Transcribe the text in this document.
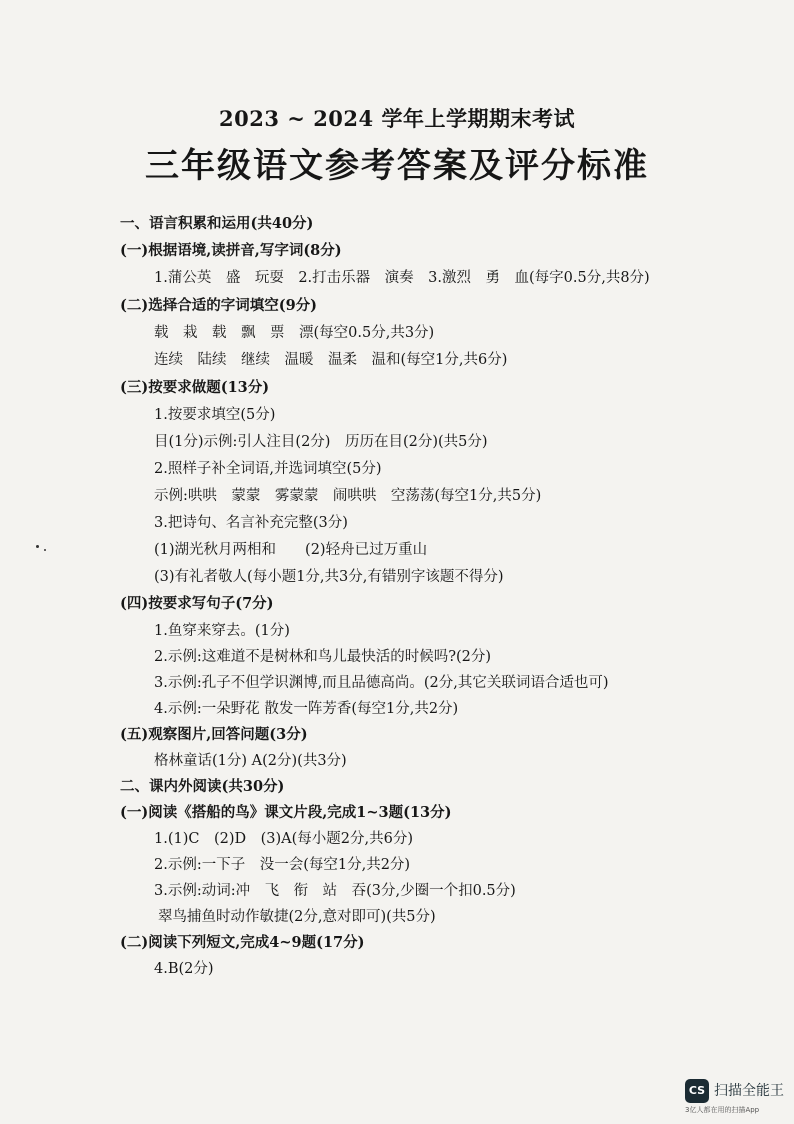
2023 ~ 2024 学年上学期期末考试
三年级语文参考答案及评分标准
一、语言积累和运用(共40分)
(一)根据语境,读拼音,写字词(8分)
1.蒲公英　盛　玩耍　2.打击乐器　演奏　3.激烈　勇　血(每字0.5分,共8分)
(二)选择合适的字词填空(9分)
载　栽　载　飘　票　漂(每空0.5分,共3分)
连续　陆续　继续　温暖　温柔　温和(每空1分,共6分)
(三)按要求做题(13分)
1.按要求填空(5分)
目(1分)示例:引人注目(2分)　历历在目(2分)(共5分)
2.照样子补全词语,并选词填空(5分)
示例:哄哄　蒙蒙　雾蒙蒙　闹哄哄　空荡荡(每空1分,共5分)
3.把诗句、名言补充完整(3分)
(1)湖光秋月两相和　　(2)轻舟已过万重山
(3)有礼者敬人(每小题1分,共3分,有错别字该题不得分)
(四)按要求写句子(7分)
1.鱼穿来穿去。(1分)
2.示例:这难道不是树林和鸟儿最快活的时候吗?(2分)
3.示例:孔子不但学识渊博,而且品德高尚。(2分,其它关联词语合适也可)
4.示例:一朵野花 散发一阵芳香(每空1分,共2分)
(五)观察图片,回答问题(3分)
格林童话(1分) A(2分)(共3分)
二、课内外阅读(共30分)
(一)阅读《搭船的鸟》课文片段,完成1~3题(13分)
1.(1)C　(2)D　(3)A(每小题2分,共6分)
2.示例:一下子　没一会(每空1分,共2分)
3.示例:动词:冲　飞　衔　站　吞(3分,少圈一个扣0.5分)
翠鸟捕鱼时动作敏捷(2分,意对即可)(共5分)
(二)阅读下列短文,完成4~9题(17分)
4.B(2分)
CS 扫描全能王
3亿人都在用的扫描App
